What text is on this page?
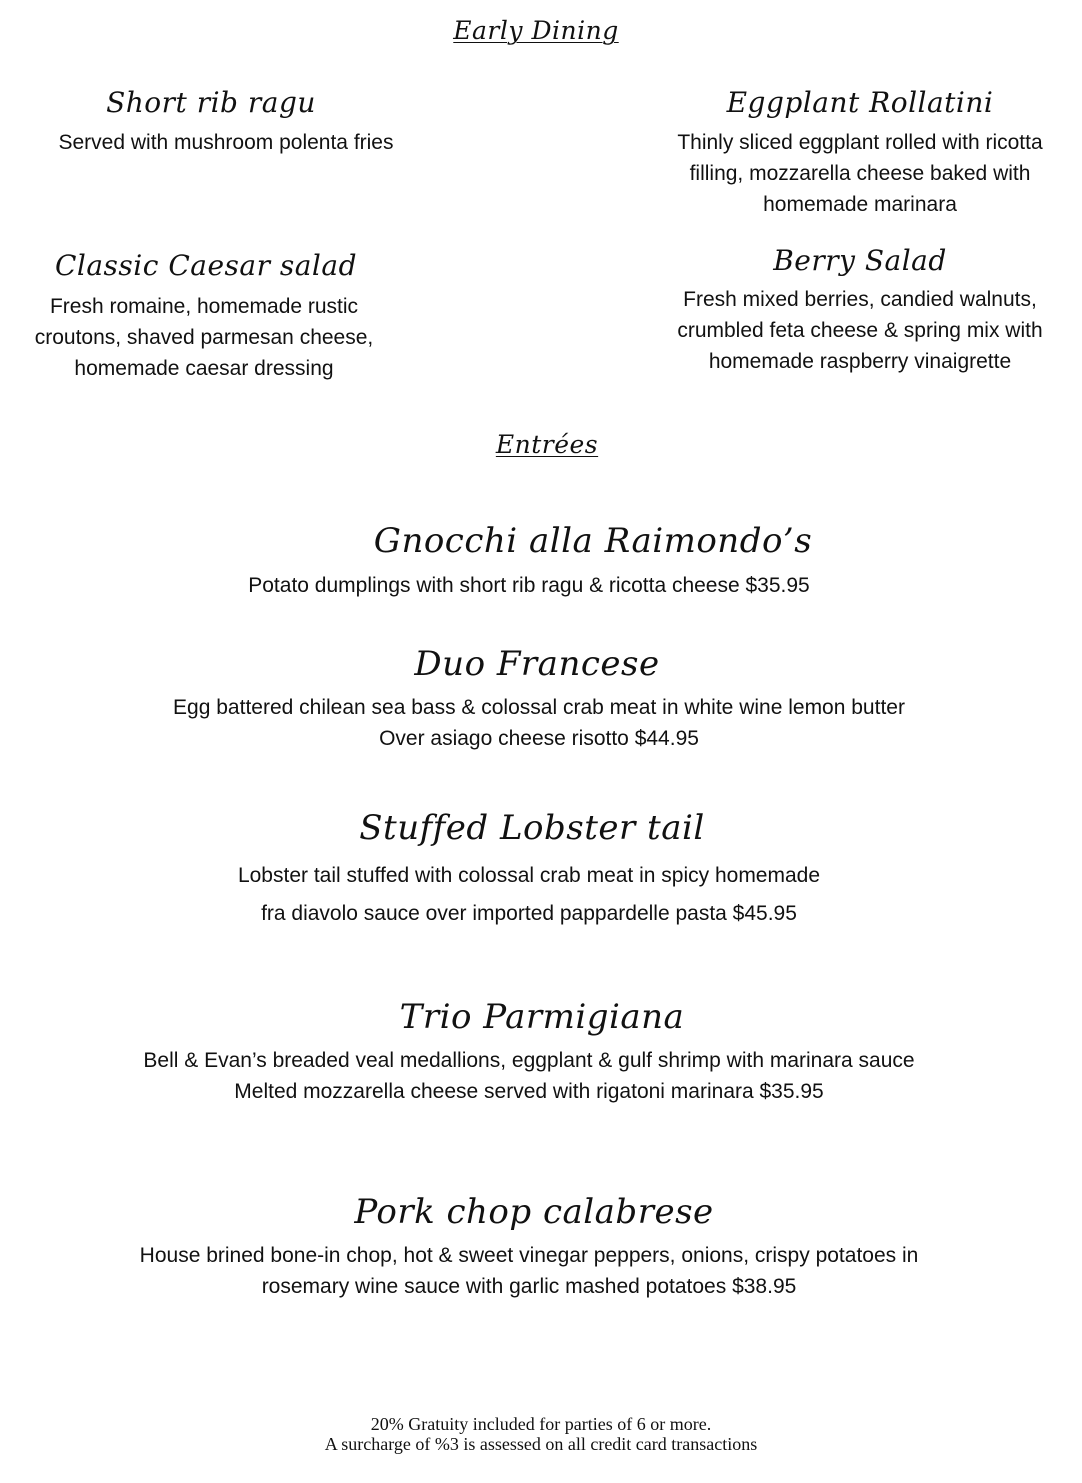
Early Dining
Short rib ragu
Served with mushroom polenta fries
Eggplant Rollatini
Thinly sliced eggplant rolled with ricotta
filling, mozzarella cheese baked with
homemade marinara
Classic Caesar salad
Fresh romaine, homemade rustic
croutons, shaved parmesan cheese,
homemade caesar dressing
Berry Salad
Fresh mixed berries, candied walnuts,
crumbled feta cheese & spring mix with
homemade raspberry vinaigrette
Entrées
Gnocchi alla Raimondo’s
Potato dumplings with short rib ragu & ricotta cheese $35.95
Duo Francese
Egg battered chilean sea bass & colossal crab meat in white wine lemon butter
Over asiago cheese risotto $44.95
Stuffed Lobster tail
Lobster tail stuffed with colossal crab meat in spicy homemade
fra diavolo sauce over imported pappardelle pasta $45.95
Trio Parmigiana
Bell & Evan’s breaded veal medallions, eggplant & gulf shrimp with marinara sauce
Melted mozzarella cheese served with rigatoni marinara $35.95
Pork chop calabrese
House brined bone-in chop, hot & sweet vinegar peppers, onions, crispy potatoes in
rosemary wine sauce with garlic mashed potatoes $38.95
20% Gratuity included for parties of 6 or more.
A surcharge of %3 is assessed on all credit card transactions
